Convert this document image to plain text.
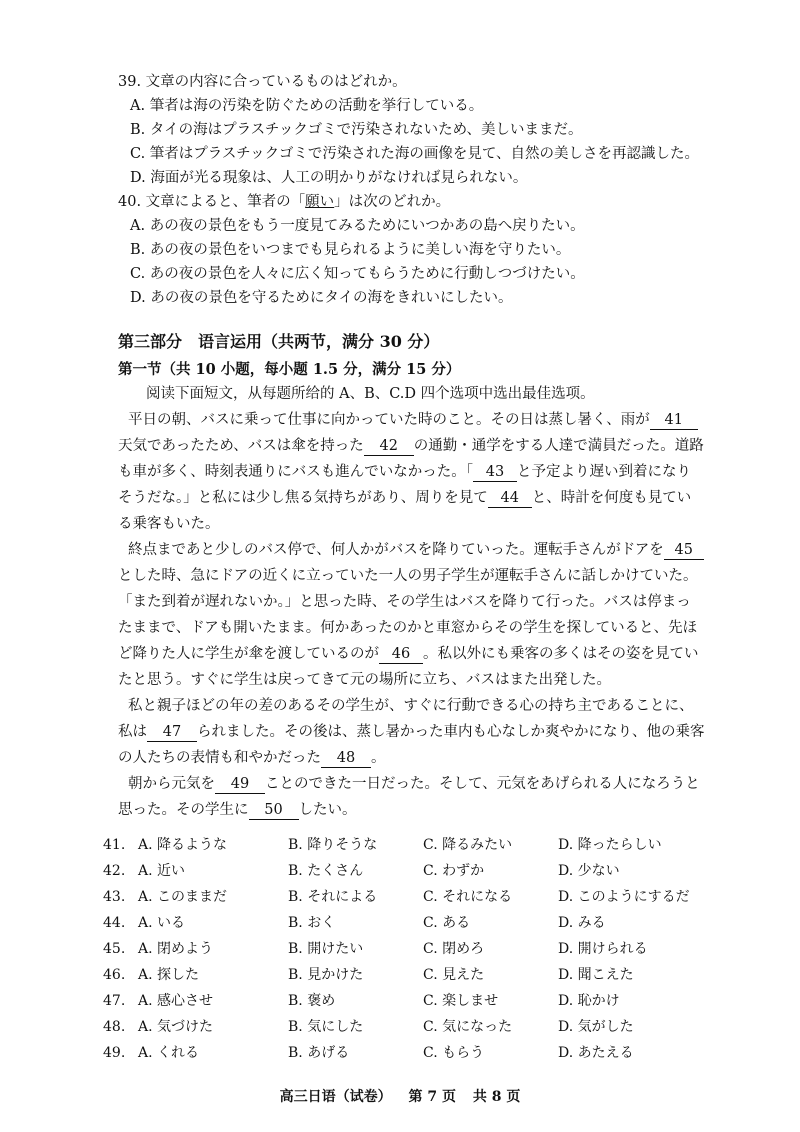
39. 文章の内容に合っているものはどれか。
A. 筆者は海の汚染を防ぐための活動を挙行している。
B. タイの海はプラスチックゴミで汚染されないため、美しいままだ。
C. 筆者はプラスチックゴミで汚染された海の画像を見て、自然の美しさを再認識した。
D. 海面が光る現象は、人工の明かりがなければ見られない。
40. 文章によると、筆者の「願い」は次のどれか。
A. あの夜の景色をもう一度見てみるためにいつかあの島へ戻りたい。
B. あの夜の景色をいつまでも見られるように美しい海を守りたい。
C. あの夜の景色を人々に広く知ってもらうために行動しつづけたい。
D. あの夜の景色を守るためにタイの海をきれいにしたい。
第三部分　语言运用（共两节，满分 30 分）
第一节（共 10 小题，每小题 1.5 分，满分 15 分）
阅读下面短文，从每题所给的 A、B、C.D 四个选项中选出最佳选项。
平日の朝、バスに乗って仕事に向かっていた時のこと。その日は蒸し暑く、雨が 41
天気であったため、バスは傘を持った 42 の通勤・通学をする人達で満員だった。道路
も車が多く、時刻表通りにバスも進んでいなかった。「 43 と予定より遅い到着になり
そうだな。」と私には少し焦る気持ちがあり、周りを見て 44 と、時計を何度も見てい
る乗客もいた。
終点まであと少しのバス停で、何人かがバスを降りていった。運転手さんがドアを 45
とした時、急にドアの近くに立っていた一人の男子学生が運転手さんに話しかけていた。
「また到着が遅れないか。」と思った時、その学生はバスを降りて行った。バスは停まっ
たままで、ドアも開いたまま。何かあったのかと車窓からその学生を探していると、先ほ
ど降りた人に学生が傘を渡しているのが 46 。私以外にも乗客の多くはその姿を見てい
たと思う。すぐに学生は戻ってきて元の場所に立ち、バスはまた出発した。
私と親子ほどの年の差のあるその学生が、すぐに行動できる心の持ち主であることに、
私は 47 られました。その後は、蒸し暑かった車内も心なしか爽やかになり、他の乗客
の人たちの表情も和やかだった 48 。
朝から元気を 49 ことのできた一日だった。そして、元気をあげられる人になろうと
思った。その学生に 50 したい。
41. A. 降るような	B. 降りそうな	C. 降るみたい	D. 降ったらしい
42. A. 近い	B. たくさん	C. わずか	D. 少ない
43. A. このままだ	B. それによる	C. それになる	D. このようにするだ
44. A. いる	B. おく	C. ある	D. みる
45. A. 閉めよう	B. 開けたい	C. 閉めろ	D. 開けられる
46. A. 探した	B. 見かけた	C. 見えた	D. 聞こえた
47. A. 感心させ	B. 褒め	C. 楽しませ	D. 恥かけ
48. A. 気づけた	B. 気にした	C. 気になった	D. 気がした
49. A. くれる	B. あげる	C. もらう	D. あたえる
高三日语（试卷） 第 7 页 共 8 页
